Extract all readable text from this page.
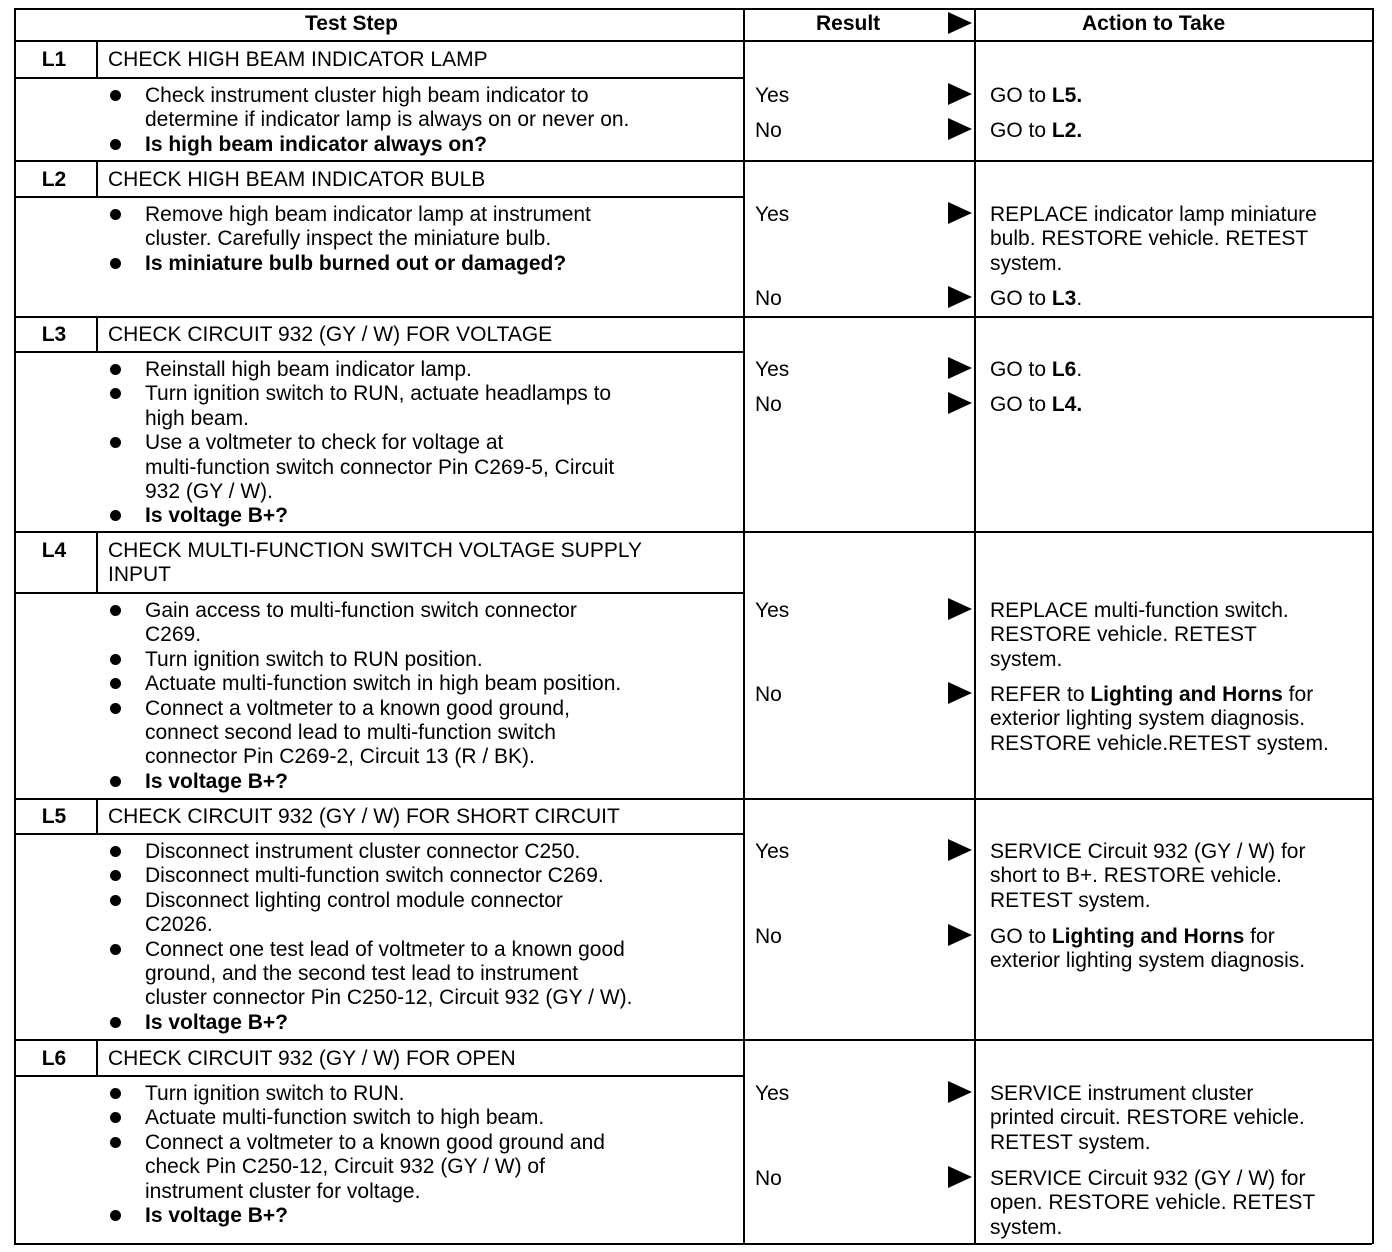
Test Step	Result	Action to Take
L1	CHECK HIGH BEAM INDICATOR LAMP
Check instrument cluster high beam indicator to
determine if indicator lamp is always on or never on.
Is high beam indicator always on?
Yes	GO to L5.
No	GO to L2.
L2	CHECK HIGH BEAM INDICATOR BULB
Remove high beam indicator lamp at instrument
cluster. Carefully inspect the miniature bulb.
Is miniature bulb burned out or damaged?
Yes	REPLACE indicator lamp miniature
bulb. RESTORE vehicle. RETEST
system.
No	GO to L3.
L3	CHECK CIRCUIT 932 (GY / W) FOR VOLTAGE
Reinstall high beam indicator lamp.
Turn ignition switch to RUN, actuate headlamps to
high beam.
Use a voltmeter to check for voltage at
multi-function switch connector Pin C269-5, Circuit
932 (GY / W).
Is voltage B+?
Yes	GO to L6.
No	GO to L4.
L4	CHECK MULTI-FUNCTION SWITCH VOLTAGE SUPPLY
INPUT
Gain access to multi-function switch connector
C269.
Turn ignition switch to RUN position.
Actuate multi-function switch in high beam position.
Connect a voltmeter to a known good ground,
connect second lead to multi-function switch
connector Pin C269-2, Circuit 13 (R / BK).
Is voltage B+?
Yes	REPLACE multi-function switch.
RESTORE vehicle. RETEST
system.
No	REFER to Lighting and Horns for
exterior lighting system diagnosis.
RESTORE vehicle.RETEST system.
L5	CHECK CIRCUIT 932 (GY / W) FOR SHORT CIRCUIT
Disconnect instrument cluster connector C250.
Disconnect multi-function switch connector C269.
Disconnect lighting control module connector
C2026.
Connect one test lead of voltmeter to a known good
ground, and the second test lead to instrument
cluster connector Pin C250-12, Circuit 932 (GY / W).
Is voltage B+?
Yes	SERVICE Circuit 932 (GY / W) for
short to B+. RESTORE vehicle.
RETEST system.
No	GO to Lighting and Horns for
exterior lighting system diagnosis.
L6	CHECK CIRCUIT 932 (GY / W) FOR OPEN
Turn ignition switch to RUN.
Actuate multi-function switch to high beam.
Connect a voltmeter to a known good ground and
check Pin C250-12, Circuit 932 (GY / W) of
instrument cluster for voltage.
Is voltage B+?
Yes	SERVICE instrument cluster
printed circuit. RESTORE vehicle.
RETEST system.
No	SERVICE Circuit 932 (GY / W) for
open. RESTORE vehicle. RETEST
system.
